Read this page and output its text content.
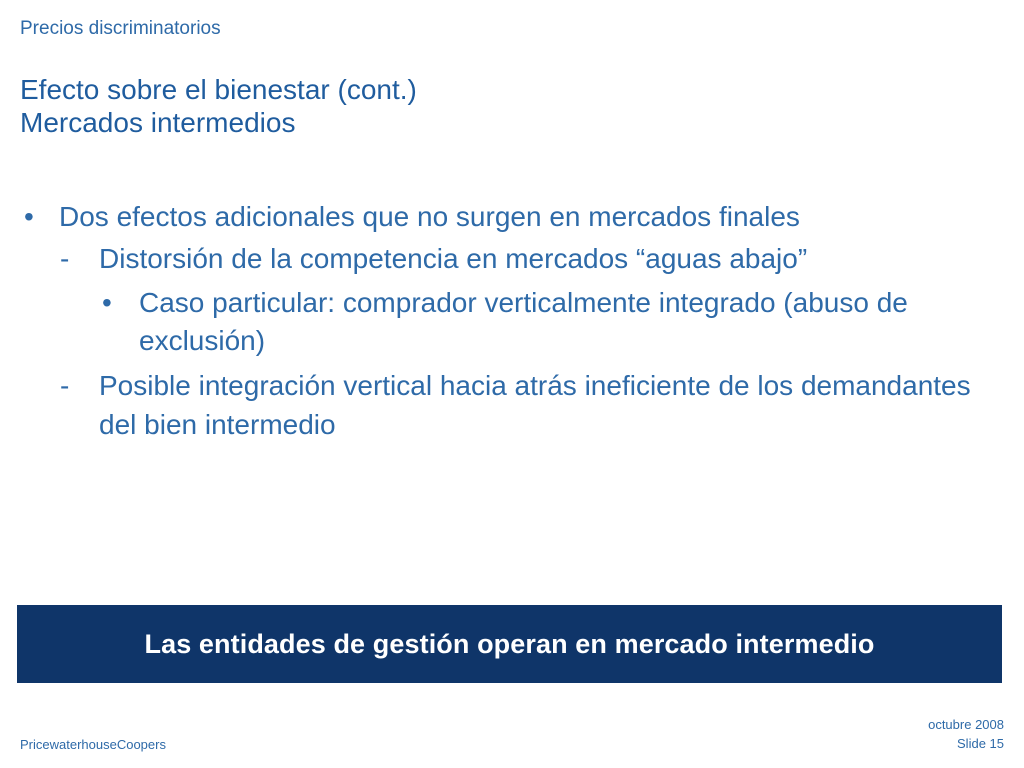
Precios discriminatorios
Efecto sobre el bienestar (cont.)
Mercados intermedios
• Dos efectos adicionales que no surgen en mercados finales
- Distorsión de la competencia en mercados “aguas abajo”
• Caso particular: comprador verticalmente integrado (abuso de exclusión)
- Posible integración vertical hacia atrás ineficiente de los demandantes del bien intermedio
Las entidades de gestión operan en mercado intermedio
PricewaterhouseCoopers
octubre 2008
Slide 15
